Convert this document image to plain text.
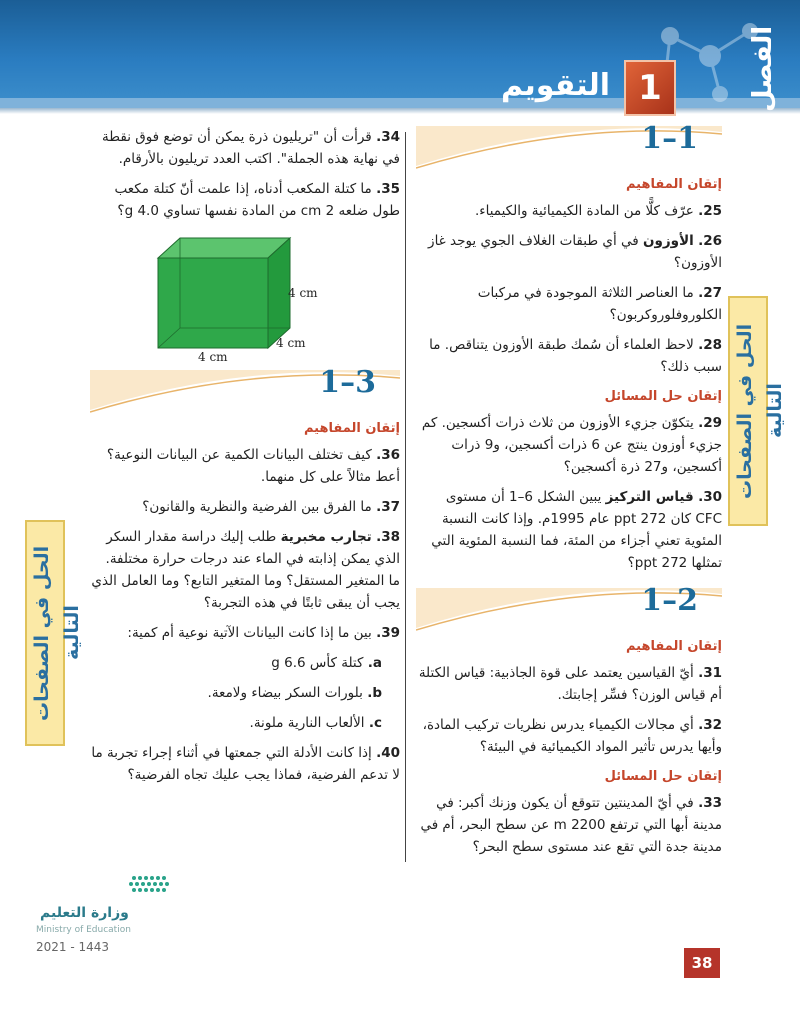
الفصل
1
التقويم
1–1
إتقان المفاهيم
25. عرّف كلًّا من المادة الكيميائية والكيمياء.
26. الأوزون في أي طبقات الغلاف الجوي يوجد غاز الأوزون؟
27. ما العناصر الثلاثة الموجودة في مركبات الكلوروفلوروكربون؟
28. لاحظ العلماء أن سُمك طبقة الأوزون يتناقص. ما سبب ذلك؟
إتقان حل المسائل
29. يتكوّن جزيء الأوزون من ثلاث ذرات أكسجين. كم جزيء أوزون ينتج عن 6 ذرات أكسجين، و9 ذرات أكسجين، و27 ذرة أكسجين؟
30. قياس التركيز يبين الشكل 6–1 أن مستوى CFC كان 272 ppt عام 1995م. وإذا كانت النسبة المئوية تعني أجزاء من المئة، فما النسبة المئوية التي تمثلها 272 ppt؟
1–2
إتقان المفاهيم
31. أيّ القياسين يعتمد على قوة الجاذبية: قياس الكتلة أم قياس الوزن؟ فسِّر إجابتك.
32. أي مجالات الكيمياء يدرس نظريات تركيب المادة، وأيها يدرس تأثير المواد الكيميائية في البيئة؟
إتقان حل المسائل
33. في أيّ المدينتين تتوقع أن يكون وزنك أكبر: في مدينة أبها التي ترتفع 2200 m عن سطح البحر، أم في مدينة جدة التي تقع عند مستوى سطح البحر؟
34. قرأت أن "تريليون ذرة يمكن أن توضع فوق نقطة في نهاية هذه الجملة". اكتب العدد تريليون بالأرقام.
35. ما كتلة المكعب أدناه، إذا علمت أنّ كتلة مكعب طول ضلعه 2 cm من المادة نفسها تساوي 4.0 g؟
4 cm
4 cm
4 cm
1–3
إتقان المفاهيم
36. كيف تختلف البيانات الكمية عن البيانات النوعية؟ أعط مثالاً على كل منهما.
37. ما الفرق بين الفرضية والنظرية والقانون؟
38. تجارب مخبرية طلب إليك دراسة مقدار السكر الذي يمكن إذابته في الماء عند درجات حرارة مختلفة. ما المتغير المستقل؟ وما المتغير التابع؟ وما العامل الذي يجب أن يبقى ثابتًا في هذه التجربة؟
39. بين ما إذا كانت البيانات الآتية نوعية أم كمية:
a. كتلة كأس 6.6 g
b. بلورات السكر بيضاء ولامعة.
c. الألعاب النارية ملونة.
40. إذا كانت الأدلة التي جمعتها في أثناء إجراء تجربة ما لا تدعم الفرضية، فماذا يجب عليك تجاه الفرضية؟
الحل في الصفحات التالية
الحل في الصفحات التالية
وزارة التعليم
Ministry of Education
2021 - 1443
38
